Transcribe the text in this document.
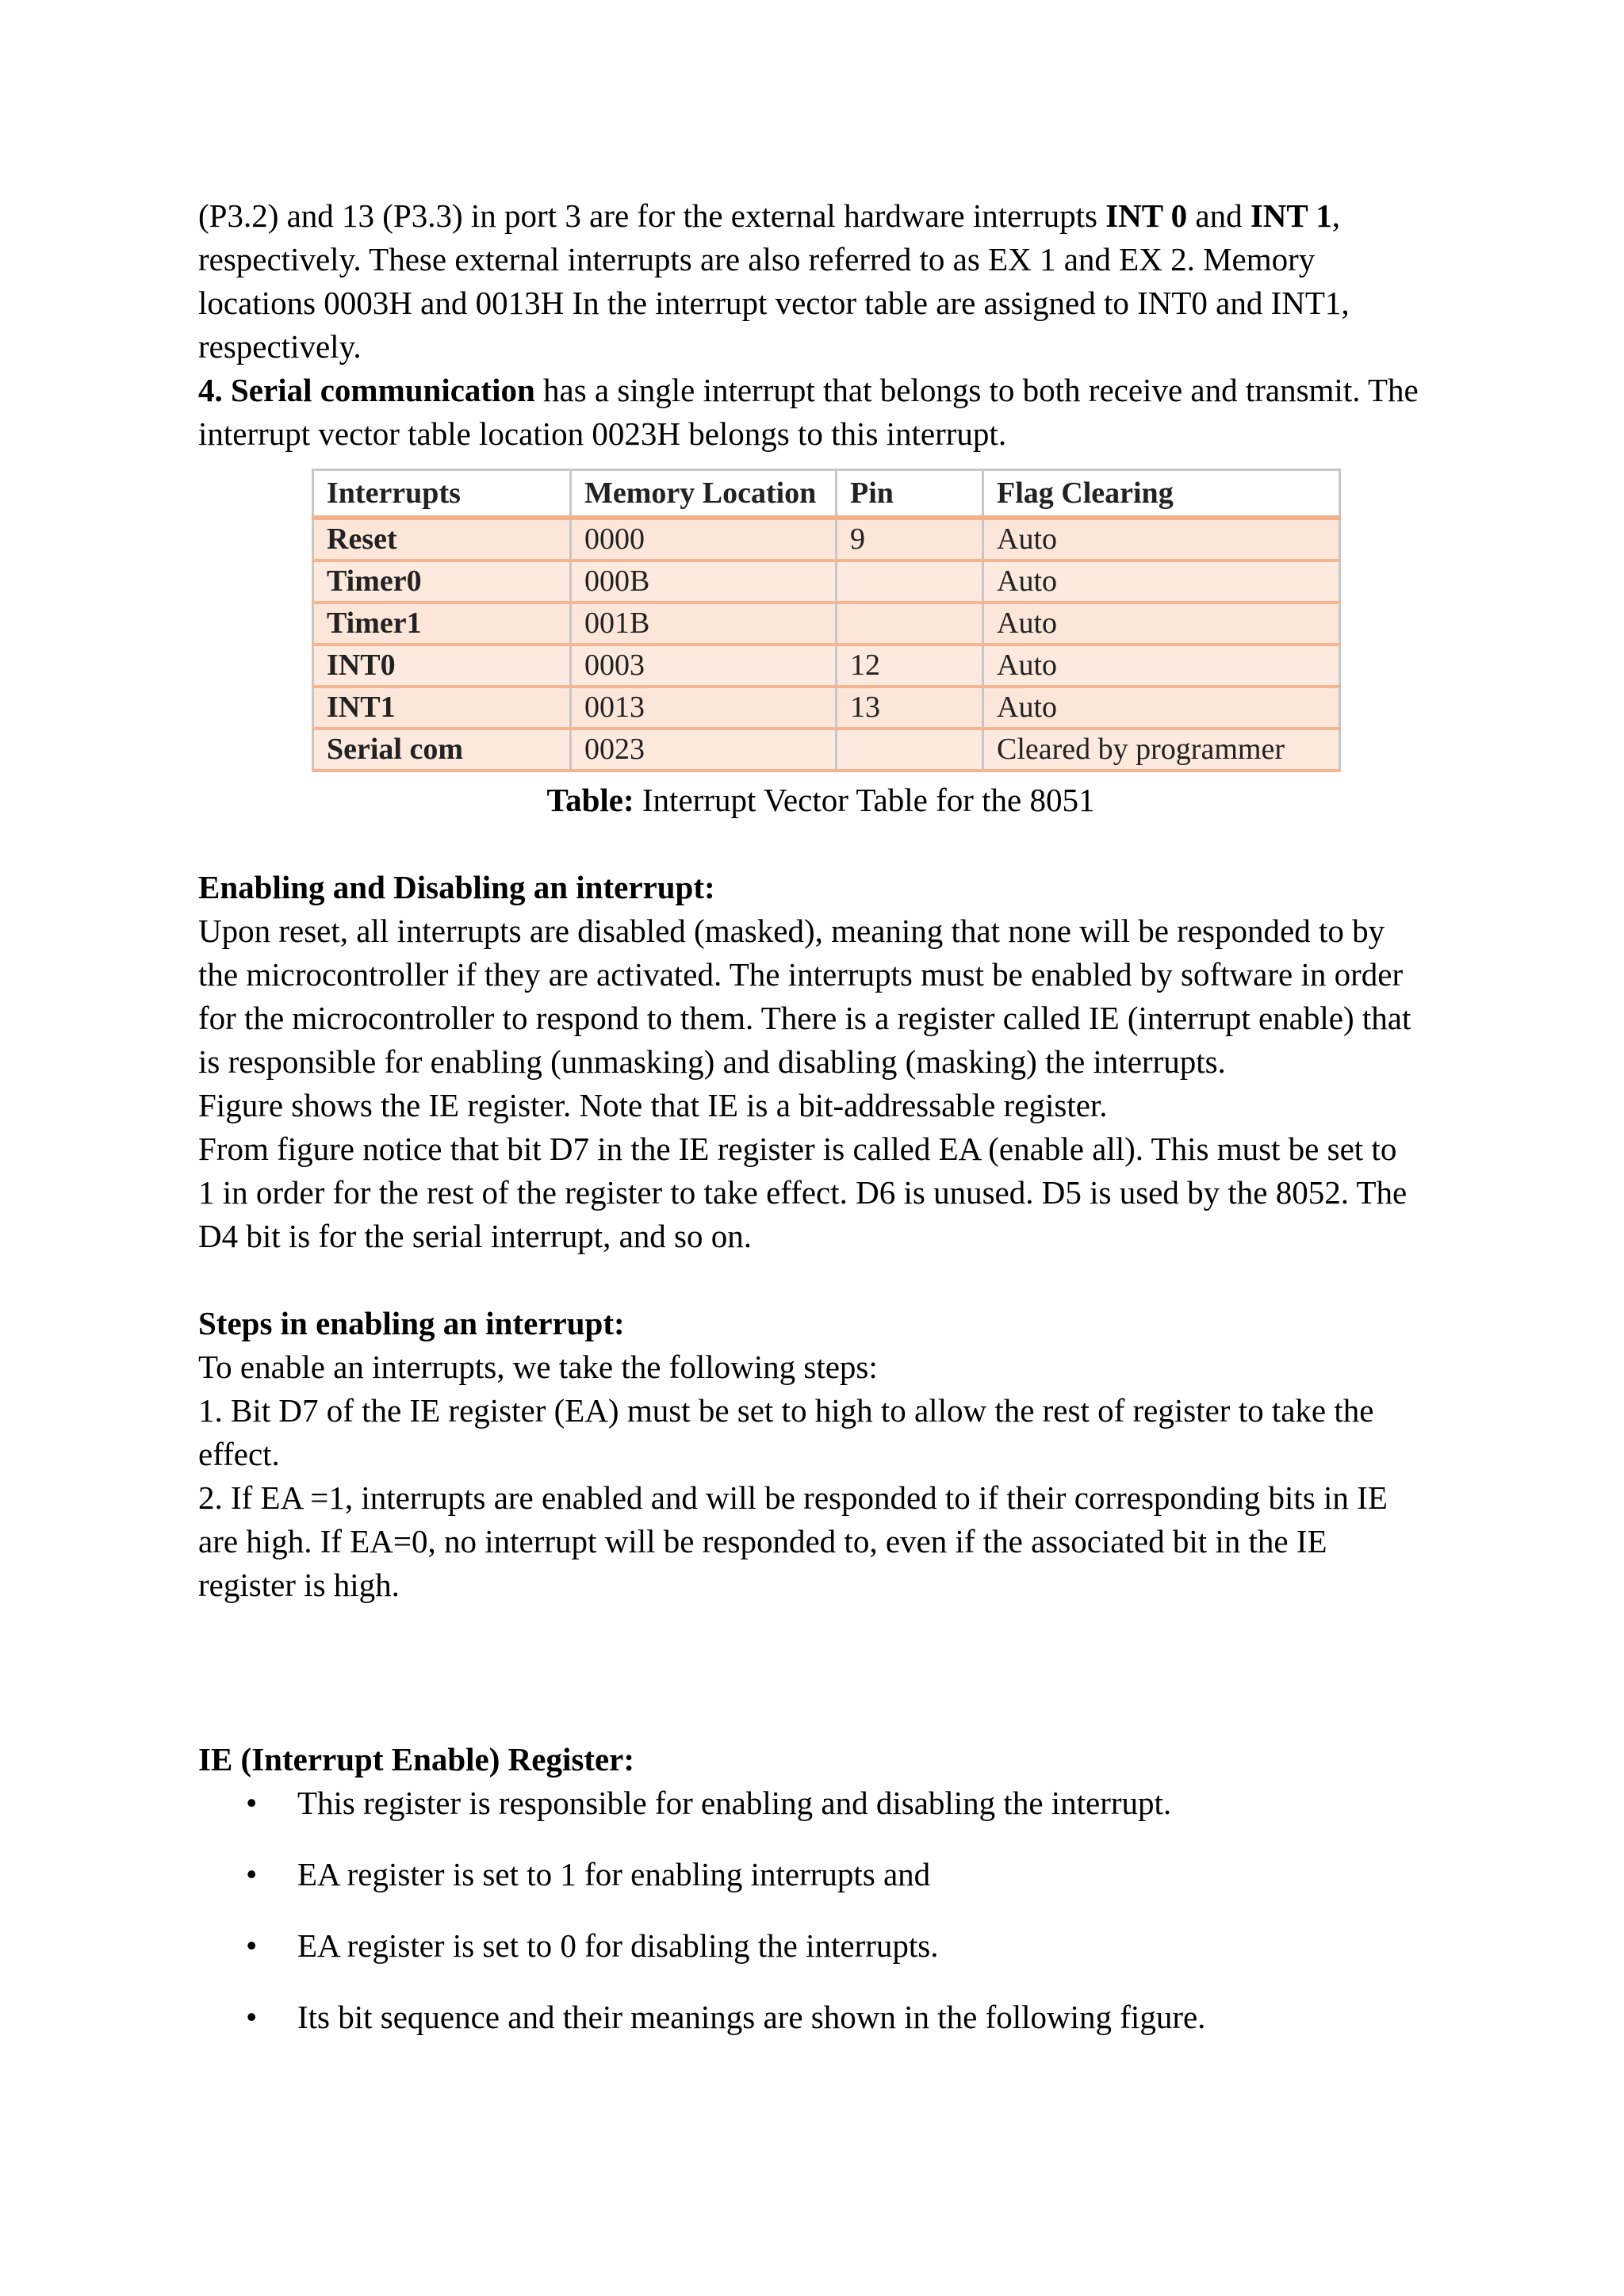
(P3.2) and 13 (P3.3) in port 3 are for the external hardware interrupts INT 0 and INT 1,

respectively. These external interrupts are also referred to as EX 1 and EX 2. Memory

locations 0003H and 0013H In the interrupt vector table are assigned to INT0 and INT1,

respectively.

4. Serial communication has a single interrupt that belongs to both receive and transmit. The

interrupt vector table location 0023H belongs to this interrupt.

Interrupts	Memory Location	Pin	Flag Clearing
Reset	0000	9	Auto
Timer0	000B		Auto
Timer1	001B		Auto
INT0	0003	12	Auto
INT1	0013	13	Auto
Serial com	0023		Cleared by programmer

Table: Interrupt Vector Table for the 8051

Enabling and Disabling an interrupt:

Upon reset, all interrupts are disabled (masked), meaning that none will be responded to by

the microcontroller if they are activated. The interrupts must be enabled by software in order

for the microcontroller to respond to them. There is a register called IE (interrupt enable) that

is responsible for enabling (unmasking) and disabling (masking) the interrupts.

Figure shows the IE register. Note that IE is a bit-addressable register.

From figure notice that bit D7 in the IE register is called EA (enable all). This must be set to

1 in order for the rest of the register to take effect. D6 is unused. D5 is used by the 8052. The

D4 bit is for the serial interrupt, and so on.

Steps in enabling an interrupt:

To enable an interrupts, we take the following steps:

1. Bit D7 of the IE register (EA) must be set to high to allow the rest of register to take the

effect.

2. If EA =1, interrupts are enabled and will be responded to if their corresponding bits in IE

are high. If EA=0, no interrupt will be responded to, even if the associated bit in the IE

register is high.

IE (Interrupt Enable) Register:

• This register is responsible for enabling and disabling the interrupt.
• EA register is set to 1 for enabling interrupts and
• EA register is set to 0 for disabling the interrupts.
• Its bit sequence and their meanings are shown in the following figure.
